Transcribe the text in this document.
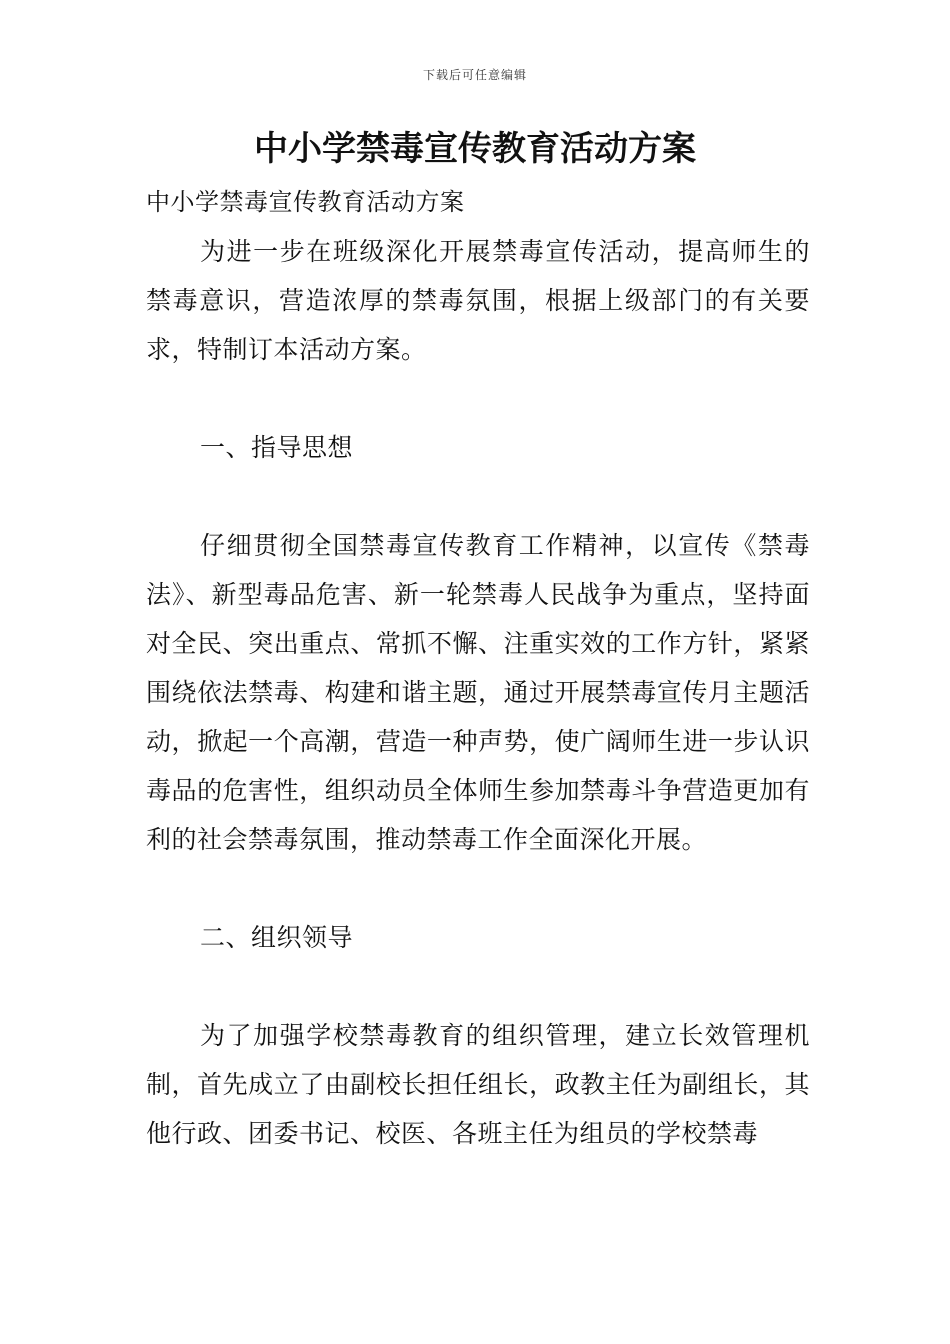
下载后可任意编辑
中小学禁毒宣传教育活动方案

中小学禁毒宣传教育活动方案

为进一步在班级深化开展禁毒宣传活动，提高师生的禁毒意识，营造浓厚的禁毒氛围，根据上级部门的有关要求，特制订本活动方案。

一、指导思想

仔细贯彻全国禁毒宣传教育工作精神，以宣传《禁毒法》、新型毒品危害、新一轮禁毒人民战争为重点，坚持面对全民、突出重点、常抓不懈、注重实效的工作方针，紧紧围绕依法禁毒、构建和谐主题，通过开展禁毒宣传月主题活动，掀起一个高潮，营造一种声势，使广阔师生进一步认识毒品的危害性，组织动员全体师生参加禁毒斗争营造更加有利的社会禁毒氛围，推动禁毒工作全面深化开展。

二、组织领导

为了加强学校禁毒教育的组织管理，建立长效管理机制，首先成立了由副校长担任组长，政教主任为副组长，其他行政、团委书记、校医、各班主任为组员的学校禁毒
